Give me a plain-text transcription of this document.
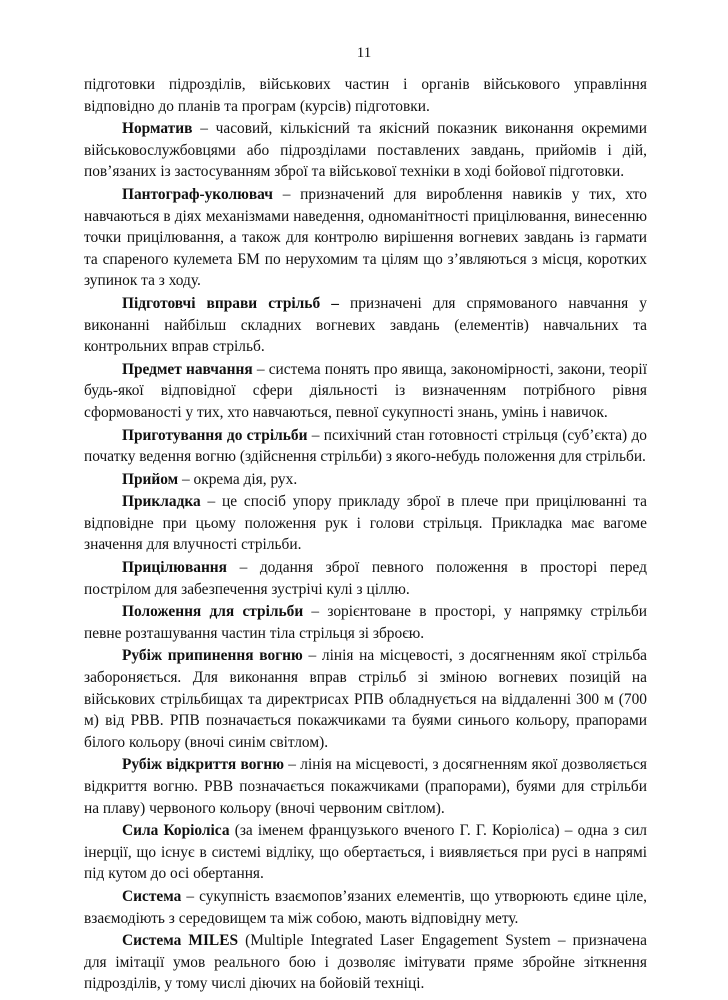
11

підготовки підрозділів, військових частин і органів військового управління відповідно до планів та програм (курсів) підготовки.

Норматив – часовий, кількісний та якісний показник виконання окремими військовослужбовцями або підрозділами поставлених завдань, прийомів і дій, пов’язаних із застосуванням зброї та військової техніки в ході бойової підготовки.

Пантограф-уколювач – призначений для вироблення навиків у тих, хто навчаються в діях механізмами наведення, одноманітності прицілювання, винесенню точки прицілювання, а також для контролю вирішення вогневих завдань із гармати та спареного кулемета БМ по нерухомим та цілям що з’являються з місця, коротких зупинок та з ходу.

Підготовчі вправи стрільб – призначені для спрямованого навчання у виконанні найбільш складних вогневих завдань (елементів) навчальних та контрольних вправ стрільб.

Предмет навчання – система понять про явища, закономірності, закони, теорії будь-якої відповідної сфери діяльності із визначенням потрібного рівня сформованості у тих, хто навчаються, певної сукупності знань, умінь і навичок.

Приготування до стрільби – психічний стан готовності стрільця (суб’єкта) до початку ведення вогню (здійснення стрільби) з якого-небудь положення для стрільби.

Прийом – окрема дія, рух.

Прикладка – це спосіб упору прикладу зброї в плече при прицілюванні та відповідне при цьому положення рук і голови стрільця. Прикладка має вагоме значення для влучності стрільби.

Прицілювання – додання зброї певного положення в просторі перед пострілом для забезпечення зустрічі кулі з ціллю.

Положення для стрільби – зорієнтоване в просторі, у напрямку стрільби певне розташування частин тіла стрільця зі зброєю.

Рубіж припинення вогню – лінія на місцевості, з досягненням якої стрільба забороняється. Для виконання вправ стрільб зі зміною вогневих позицій на військових стрільбищах та директрисах РПВ обладнується на віддаленні 300 м (700 м) від РВВ. РПВ позначається покажчиками та буями синього кольору, прапорами білого кольору (вночі синім світлом).

Рубіж відкриття вогню – лінія на місцевості, з досягненням якої дозволяється відкриття вогню. РВВ позначається покажчиками (прапорами), буями для стрільби на плаву) червоного кольору (вночі червоним світлом).

Сила Коріоліса (за іменем французького вченого Г. Г. Коріоліса) – одна з сил інерції, що існує в системі відліку, що обертається, і виявляється при русі в напрямі під кутом до осі обертання.

Система – сукупність взаємопов’язаних елементів, що утворюють єдине ціле, взаємодіють з середовищем та між собою, мають відповідну мету.

Система MILES (Multiple Integrated Laser Engagement System – призначена для імітації умов реального бою і дозволяє імітувати пряме збройне зіткнення підрозділів, у тому числі діючих на бойовій техніці.
